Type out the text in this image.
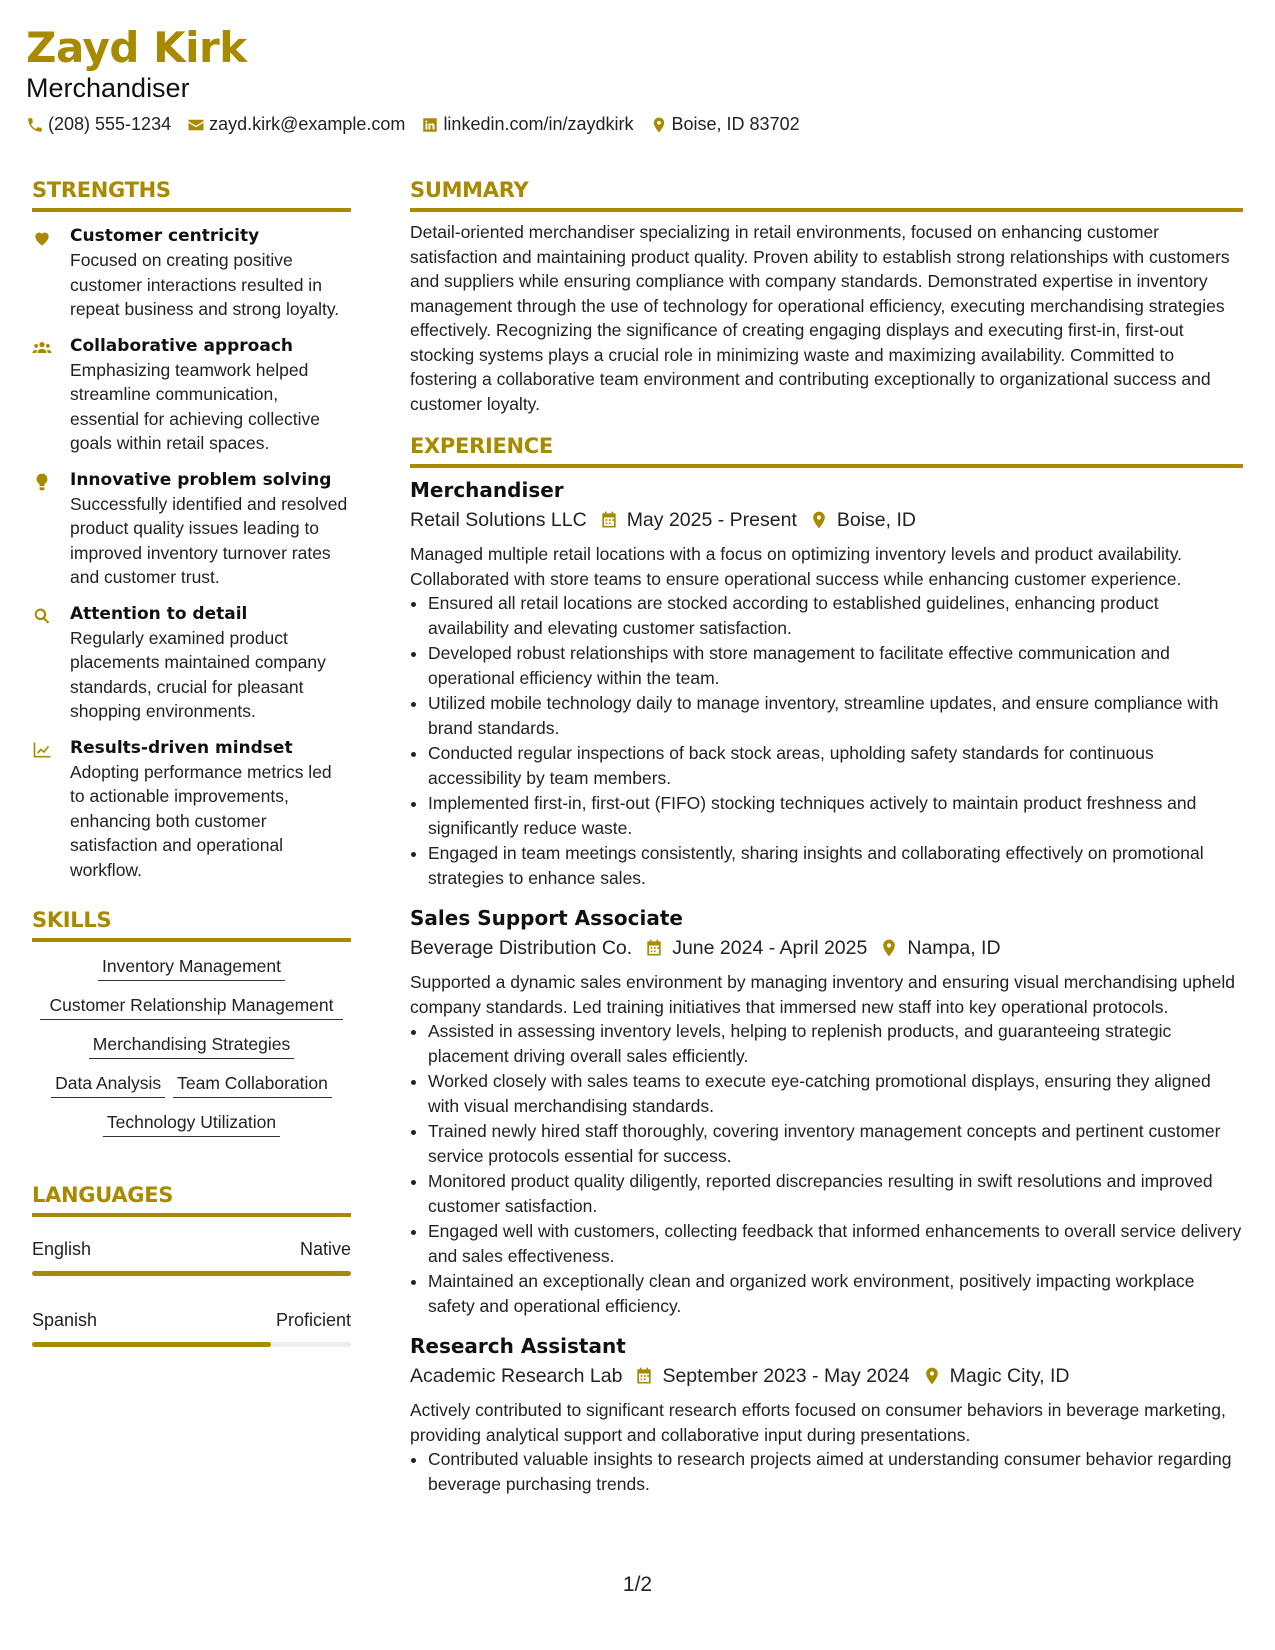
Zayd Kirk
Merchandiser
(208) 555-1234 zayd.kirk@example.com linkedin.com/in/zaydkirk Boise, ID 83702
STRENGTHS
Customer centricity
Focused on creating positive customer interactions resulted in repeat business and strong loyalty.
Collaborative approach
Emphasizing teamwork helped streamline communication, essential for achieving collective goals within retail spaces.
Innovative problem solving
Successfully identified and resolved product quality issues leading to improved inventory turnover rates and customer trust.
Attention to detail
Regularly examined product placements maintained company standards, crucial for pleasant shopping environments.
Results-driven mindset
Adopting performance metrics led to actionable improvements, enhancing both customer satisfaction and operational workflow.
SKILLS
Inventory Management
Customer Relationship Management
Merchandising Strategies
Data Analysis Team Collaboration
Technology Utilization
LANGUAGES
English	Native
Spanish	Proficient
SUMMARY
Detail-oriented merchandiser specializing in retail environments, focused on enhancing customer satisfaction and maintaining product quality. Proven ability to establish strong relationships with customers and suppliers while ensuring compliance with company standards. Demonstrated expertise in inventory management through the use of technology for operational efficiency, executing merchandising strategies effectively. Recognizing the significance of creating engaging displays and executing first-in, first-out stocking systems plays a crucial role in minimizing waste and maximizing availability. Committed to fostering a collaborative team environment and contributing exceptionally to organizational success and customer loyalty.
EXPERIENCE
Merchandiser
Retail Solutions LLC May 2025 - Present Boise, ID
Managed multiple retail locations with a focus on optimizing inventory levels and product availability. Collaborated with store teams to ensure operational success while enhancing customer experience.
• Ensured all retail locations are stocked according to established guidelines, enhancing product availability and elevating customer satisfaction.
• Developed robust relationships with store management to facilitate effective communication and operational efficiency within the team.
• Utilized mobile technology daily to manage inventory, streamline updates, and ensure compliance with brand standards.
• Conducted regular inspections of back stock areas, upholding safety standards for continuous accessibility by team members.
• Implemented first-in, first-out (FIFO) stocking techniques actively to maintain product freshness and significantly reduce waste.
• Engaged in team meetings consistently, sharing insights and collaborating effectively on promotional strategies to enhance sales.
Sales Support Associate
Beverage Distribution Co. June 2024 - April 2025 Nampa, ID
Supported a dynamic sales environment by managing inventory and ensuring visual merchandising upheld company standards. Led training initiatives that immersed new staff into key operational protocols.
• Assisted in assessing inventory levels, helping to replenish products, and guaranteeing strategic placement driving overall sales efficiently.
• Worked closely with sales teams to execute eye-catching promotional displays, ensuring they aligned with visual merchandising standards.
• Trained newly hired staff thoroughly, covering inventory management concepts and pertinent customer service protocols essential for success.
• Monitored product quality diligently, reported discrepancies resulting in swift resolutions and improved customer satisfaction.
• Engaged well with customers, collecting feedback that informed enhancements to overall service delivery and sales effectiveness.
• Maintained an exceptionally clean and organized work environment, positively impacting workplace safety and operational efficiency.
Research Assistant
Academic Research Lab September 2023 - May 2024 Magic City, ID
Actively contributed to significant research efforts focused on consumer behaviors in beverage marketing, providing analytical support and collaborative input during presentations.
• Contributed valuable insights to research projects aimed at understanding consumer behavior regarding beverage purchasing trends.
1/2
